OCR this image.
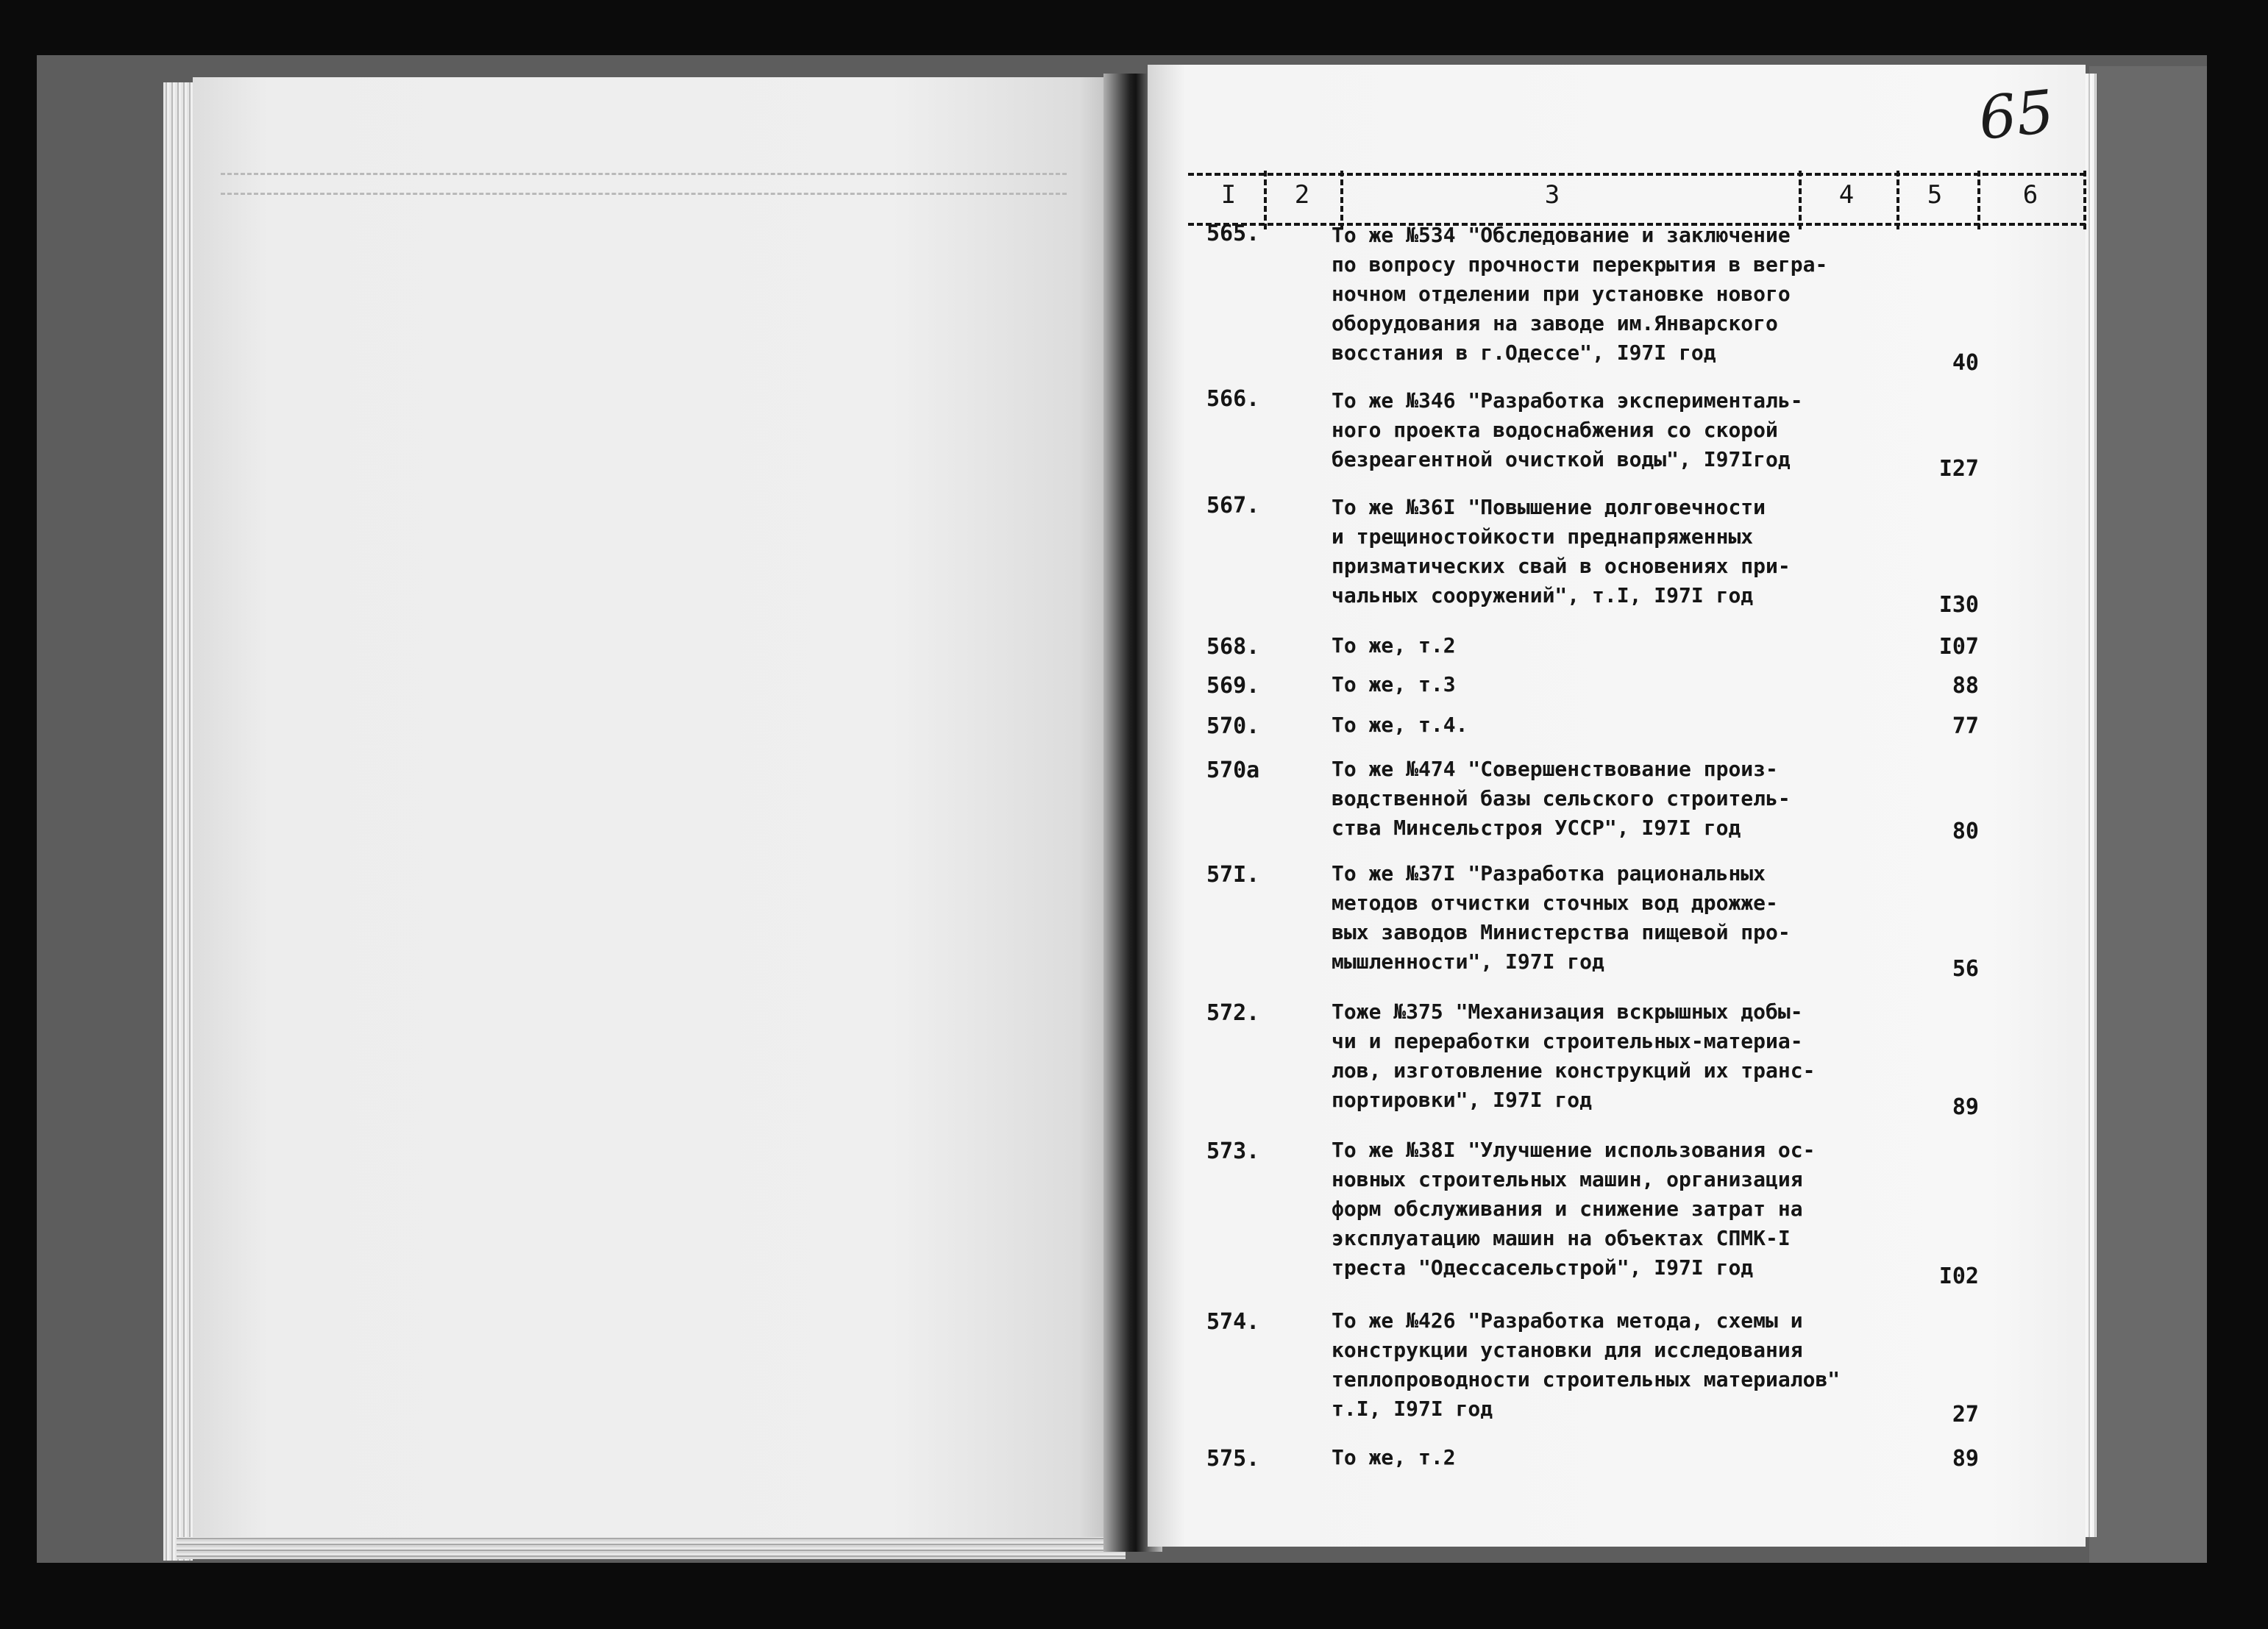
65
I	2	3	4	5	6
565.	То же №534 "Обследование и заключение
по вопросу прочности перекрытия в вегра-
ночном отделении при установке нового
оборудования на заводе им.Январского
восстания в г.Одессе", I97I год	40
566.	То же №346 "Разработка эксперименталь-
ного проекта водоснабжения со скорой
безреагентной очисткой воды", I97Iгод	I27
567.	То же №36I "Повышение долговечности
и трещиностойкости преднапряженных
призматических свай в основениях при-
чальных сооружений", т.I, I97I год	I30
568.	То же, т.2	I07
569.	То же, т.3	88
570.	То же, т.4.	77
570а	То же №474 "Совершенствование произ-
водственной базы сельского строитель-
ства Минсельстроя УССР", I97I год	80
57I.	То же №37I "Разработка рациональных
методов отчистки сточных вод дрожже-
вых заводов Министерства пищевой про-
мышленности", I97I год	56
572.	Тоже №375 "Механизация вскрышных добы-
чи и переработки строительных-материа-
лов, изготовление конструкций их транс-
портировки", I97I год	89
573.	То же №38I "Улучшение использования ос-
новных строительных машин, организация
форм обслуживания и снижение затрат на
эксплуатацию машин на объектах СПМК-I
треста "Одессасельстрой", I97I год	I02
574.	То же №426 "Разработка метода, схемы и
конструкции установки для исследования
теплопроводности строительных материалов"
т.I, I97I год	27
575.	То же, т.2	89
